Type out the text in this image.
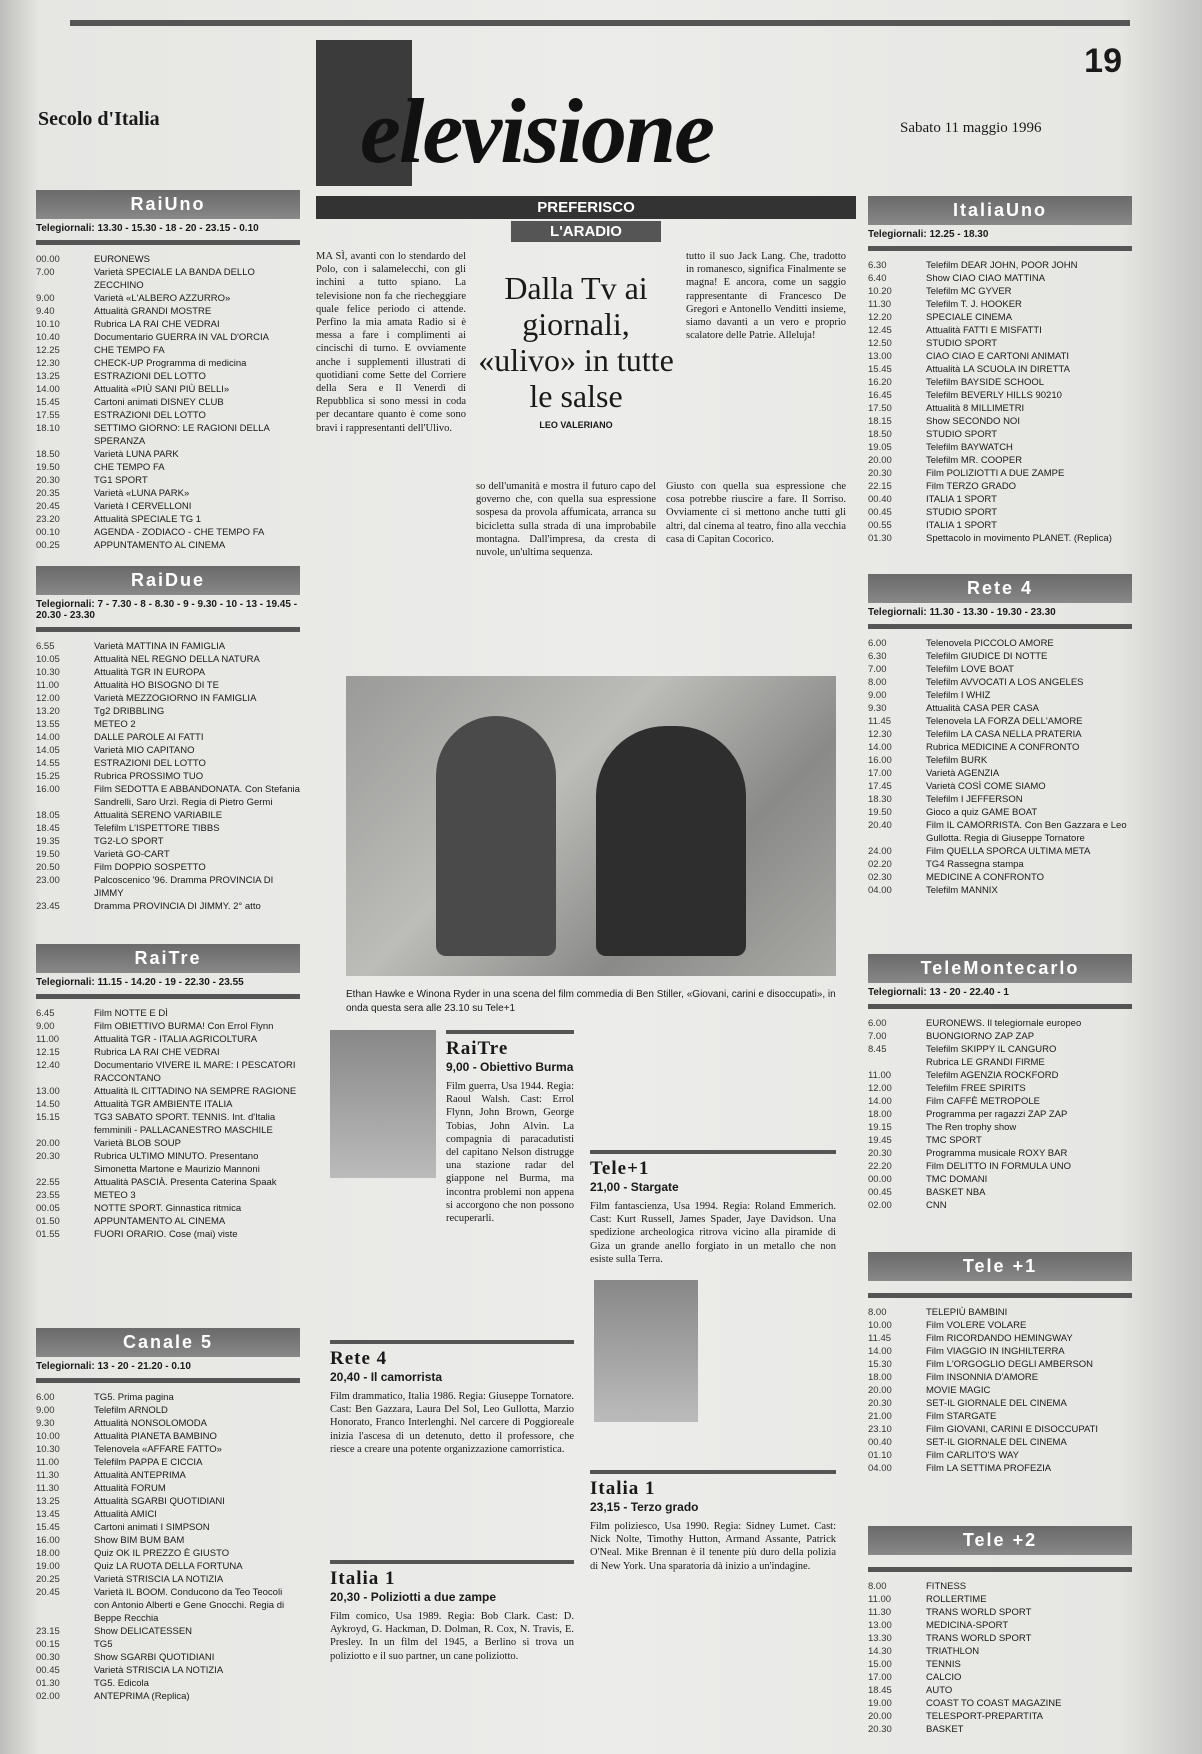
19
Secolo d'Italia	Sabato 11 maggio 1996
elevisione
RaiUno
Telegiornali: 13.30 - 15.30 - 18 - 20 - 23.15 - 0.10
00.00	EURONEWS
7.00	Varietà SPECIALE LA BANDA DELLO ZECCHINO
9.00	Varietà «L'ALBERO AZZURRO»
9.40	Attualità GRANDI MOSTRE
10.10	Rubrica LA RAI CHE VEDRAI
10.40	Documentario GUERRA IN VAL D'ORCIA
12.25	CHE TEMPO FA
12.30	CHECK-UP Programma di medicina
13.25	ESTRAZIONI DEL LOTTO
14.00	Attualità «PIÙ SANI PIÙ BELLI»
15.45	Cartoni animati DISNEY CLUB
17.55	ESTRAZIONI DEL LOTTO
18.10	SETTIMO GIORNO: LE RAGIONI DELLA SPERANZA
18.50	Varietà LUNA PARK
19.50	CHE TEMPO FA
20.30	TG1 SPORT
20.35	Varietà «LUNA PARK»
20.45	Varietà I CERVELLONI
23.20	Attualità SPECIALE TG 1
00.10	AGENDA - ZODIACO - CHE TEMPO FA
00.25	APPUNTAMENTO AL CINEMA
RaiDue
Telegiornali: 7 - 7.30 - 8 - 8.30 - 9 - 9.30 - 10 - 13 - 19.45 - 20.30 - 23.30
6.55	Varietà MATTINA IN FAMIGLIA
10.05	Attualità NEL REGNO DELLA NATURA
10.30	Attualità TGR IN EUROPA
11.00	Attualità HO BISOGNO DI TE
12.00	Varietà MEZZOGIORNO IN FAMIGLIA
13.20	Tg2 DRIBBLING
13.55	METEO 2
14.00	DALLE PAROLE AI FATTI
14.05	Varietà MIO CAPITANO
14.55	ESTRAZIONI DEL LOTTO
15.25	Rubrica PROSSIMO TUO
16.00	Film SEDOTTA E ABBANDONATA. Con Stefania Sandrelli, Saro Urzì. Regia di Pietro Germi
18.05	Attualità SERENO VARIABILE
18.45	Telefilm L'ISPETTORE TIBBS
19.35	TG2-LO SPORT
19.50	Varietà GO-CART
20.50	Film DOPPIO SOSPETTO
23.00	Palcoscenico '96. Dramma PROVINCIA DI JIMMY
23.45	Dramma PROVINCIA DI JIMMY. 2° atto
RaiTre
Telegiornali: 11.15 - 14.20 - 19 - 22.30 - 23.55
6.45	Film NOTTE E DÌ
9.00	Film OBIETTIVO BURMA! Con Errol Flynn
11.00	Attualità TGR - ITALIA AGRICOLTURA
12.15	Rubrica LA RAI CHE VEDRAI
12.40	Documentario VIVERE IL MARE: I PESCATORI RACCONTANO
13.00	Attualità IL CITTADINO NA SEMPRE RAGIONE
14.50	Attualità TGR AMBIENTE ITALIA
15.15	TG3 SABATO SPORT. TENNIS. Int. d'Italia femminili - PALLACANESTRO MASCHILE
20.00	Varietà BLOB SOUP
20.30	Rubrica ULTIMO MINUTO. Presentano Simonetta Martone e Maurizio Mannoni
22.55	Attualità PASCIÀ. Presenta Caterina Spaak
23.55	METEO 3
00.05	NOTTE SPORT. Ginnastica ritmica
01.50	APPUNTAMENTO AL CINEMA
01.55	FUORI ORARIO. Cose (mai) viste
Canale 5
Telegiornali: 13 - 20 - 21.20 - 0.10
6.00	TG5. Prima pagina
9.00	Telefilm ARNOLD
9.30	Attualità NONSOLOMODA
10.00	Attualità PIANETA BAMBINO
10.30	Telenovela «AFFARE FATTO»
11.00	Telefilm PAPPA E CICCIA
11.30	Attualità ANTEPRIMA
11.30	Attualità FORUM
13.25	Attualità SGARBI QUOTIDIANI
13.45	Attualità AMICI
15.45	Cartoni animati I SIMPSON
16.00	Show BIM BUM BAM
18.00	Quiz OK IL PREZZO È GIUSTO
19.00	Quiz LA RUOTA DELLA FORTUNA
20.25	Varietà STRISCIA LA NOTIZIA
20.45	Varietà IL BOOM. Conducono da Teo Teocoli con Antonio Alberti e Gene Gnocchi. Regia di Beppe Recchia
23.15	Show DELICATESSEN
00.15	TG5
00.30	Show SGARBI QUOTIDIANI
00.45	Varietà STRISCIA LA NOTIZIA
01.30	TG5. Edicola
02.00	ANTEPRIMA (Replica)
ItaliaUno
Telegiornali: 12.25 - 18.30
6.30	Telefilm DEAR JOHN, POOR JOHN
6.40	Show CIAO CIAO MATTINA
10.20	Telefilm MC GYVER
11.30	Telefilm T. J. HOOKER
12.20	SPECIALE CINEMA
12.45	Attualità FATTI E MISFATTI
12.50	STUDIO SPORT
13.00	CIAO CIAO E CARTONI ANIMATI
15.45	Attualità LA SCUOLA IN DIRETTA
16.20	Telefilm BAYSIDE SCHOOL
16.45	Telefilm BEVERLY HILLS 90210
17.50	Attualità 8 MILLIMETRI
18.15	Show SECONDO NOI
18.50	STUDIO SPORT
19.05	Telefilm BAYWATCH
20.00	Telefilm MR. COOPER
20.30	Film POLIZIOTTI A DUE ZAMPE
22.15	Film TERZO GRADO
00.40	ITALIA 1 SPORT
00.45	STUDIO SPORT
00.55	ITALIA 1 SPORT
01.30	Spettacolo in movimento PLANET. (Replica)
Rete 4
Telegiornali: 11.30 - 13.30 - 19.30 - 23.30
6.00	Telenovela PICCOLO AMORE
6.30	Telefilm GIUDICE DI NOTTE
7.00	Telefilm LOVE BOAT
8.00	Telefilm AVVOCATI A LOS ANGELES
9.00	Telefilm I WHIZ
9.30	Attualità CASA PER CASA
11.45	Telenovela LA FORZA DELL'AMORE
12.30	Telefilm LA CASA NELLA PRATERIA
14.00	Rubrica MEDICINE A CONFRONTO
16.00	Telefilm BURK
17.00	Varietà AGENZIA
17.45	Varietà COSÌ COME SIAMO
18.30	Telefilm I JEFFERSON
19.50	Gioco a quiz GAME BOAT
20.40	Film IL CAMORRISTA. Con Ben Gazzara e Leo Gullotta. Regia di Giuseppe Tornatore
24.00	Film QUELLA SPORCA ULTIMA META
02.20	TG4 Rassegna stampa
02.30	MEDICINE A CONFRONTO
04.00	Telefilm MANNIX
TeleMontecarlo
Telegiornali: 13 - 20 - 22.40 - 1
6.00	EURONEWS. Il telegiornale europeo
7.00	BUONGIORNO ZAP ZAP
8.45	Telefilm SKIPPY IL CANGURO
Rubrica LE GRANDI FIRME
11.00	Telefilm AGENZIA ROCKFORD
12.00	Telefilm FREE SPIRITS
14.00	Film CAFFÈ METROPOLE
18.00	Programma per ragazzi ZAP ZAP
19.15	The Ren trophy show
19.45	TMC SPORT
20.30	Programma musicale ROXY BAR
22.20	Film DELITTO IN FORMULA UNO
00.00	TMC DOMANI
00.45	BASKET NBA
02.00	CNN
Tele +1
8.00	TELEPIÙ BAMBINI
10.00	Film VOLERE VOLARE
11.45	Film RICORDANDO HEMINGWAY
14.00	Film VIAGGIO IN INGHILTERRA
15.30	Film L'ORGOGLIO DEGLI AMBERSON
18.00	Film INSONNIA D'AMORE
20.00	MOVIE MAGIC
20.30	SET-IL GIORNALE DEL CINEMA
21.00	Film STARGATE
23.10	Film GIOVANI, CARINI E DISOCCUPATI
00.40	SET-IL GIORNALE DEL CINEMA
01.10	Film CARLITO'S WAY
04.00	Film LA SETTIMA PROFEZIA
Tele +2
8.00	FITNESS
11.00	ROLLERTIME
11.30	TRANS WORLD SPORT
13.00	MEDICINA-SPORT
13.30	TRANS WORLD SPORT
14.30	TRIATHLON
15.00	TENNIS
17.00	CALCIO
18.45	AUTO
19.00	COAST TO COAST MAGAZINE
20.00	TELESPORT-PREPARTITA
20.30	BASKET
PREFERISCO
L'ARADIO
MA SÌ, avanti con lo stendardo del Polo, con i salamelecchi, con gli inchini a tutto spiano. La televisione non fa che riecheggiare quale felice periodo ci attende. Perfino la mia amata Radio si è messa a fare i complimenti ai cincischi di turno. E ovviamente anche i supplementi illustrati di quotidiani come Sette del Corriere della Sera e Il Venerdì di Repubblica si sono messi in coda per decantare quanto è come sono bravi i rappresentanti dell'Ulivo.
Dalla Tv ai giornali, «ulivo» in tutte le salse
LEO VALERIANO
tutto il suo Jack Lang. Che, tradotto in romanesco, significa Finalmente se magna! E ancora, come un saggio rappresentante di Francesco De Gregori e Antonello Venditti insieme, siamo davanti a un vero e proprio scalatore delle Patrie. Alleluja!
so dell'umanità e mostra il futuro capo del governo che, con quella sua espressione sospesa da provola affumicata, arranca su bicicletta sulla strada di una improbabile montagna. Dall'impresa, da cresta di nuvole, un'ultima sequenza.
Giusto con quella sua espressione che cosa potrebbe riuscire a fare. Il Sorriso. Ovviamente ci si mettono anche tutti gli altri, dal cinema al teatro, fino alla vecchia casa di Capitan Cocorico.
Ethan Hawke e Winona Ryder in una scena del film commedia di Ben Stiller, «Giovani, carini e disoccupati», in onda questa sera alle 23.10 su Tele+1
RaiTre
9,00 - Obiettivo Burma
Film guerra, Usa 1944. Regia: Raoul Walsh. Cast: Errol Flynn, John Brown, George Tobias, John Alvin. La compagnia di paracadutisti del capitano Nelson distrugge una stazione radar del giappone nel Burma, ma incontra problemi non appena si accorgono che non possono recuperarli.
Rete 4
20,40 - Il camorrista
Film drammatico, Italia 1986. Regia: Giuseppe Tornatore. Cast: Ben Gazzara, Laura Del Sol, Leo Gullotta, Marzio Honorato, Franco Interlenghi. Nel carcere di Poggioreale inizia l'ascesa di un detenuto, detto il professore, che riesce a creare una potente organizzazione camorristica.
Italia 1
20,30 - Poliziotti a due zampe
Film comico, Usa 1989. Regia: Bob Clark. Cast: D. Aykroyd, G. Hackman, D. Dolman, R. Cox, N. Travis, E. Presley. In un film del 1945, a Berlino si trova un poliziotto e il suo partner, un cane poliziotto.
Tele+1
21,00 - Stargate
Film fantascienza, Usa 1994. Regia: Roland Emmerich. Cast: Kurt Russell, James Spader, Jaye Davidson. Una spedizione archeologica ritrova vicino alla piramide di Giza un grande anello forgiato in un metallo che non esiste sulla Terra.
Italia 1
23,15 - Terzo grado
Film poliziesco, Usa 1990. Regia: Sidney Lumet. Cast: Nick Nolte, Timothy Hutton, Armand Assante, Patrick O'Neal. Mike Brennan è il tenente più duro della polizia di New York. Una sparatoria dà inizio a un'indagine.
